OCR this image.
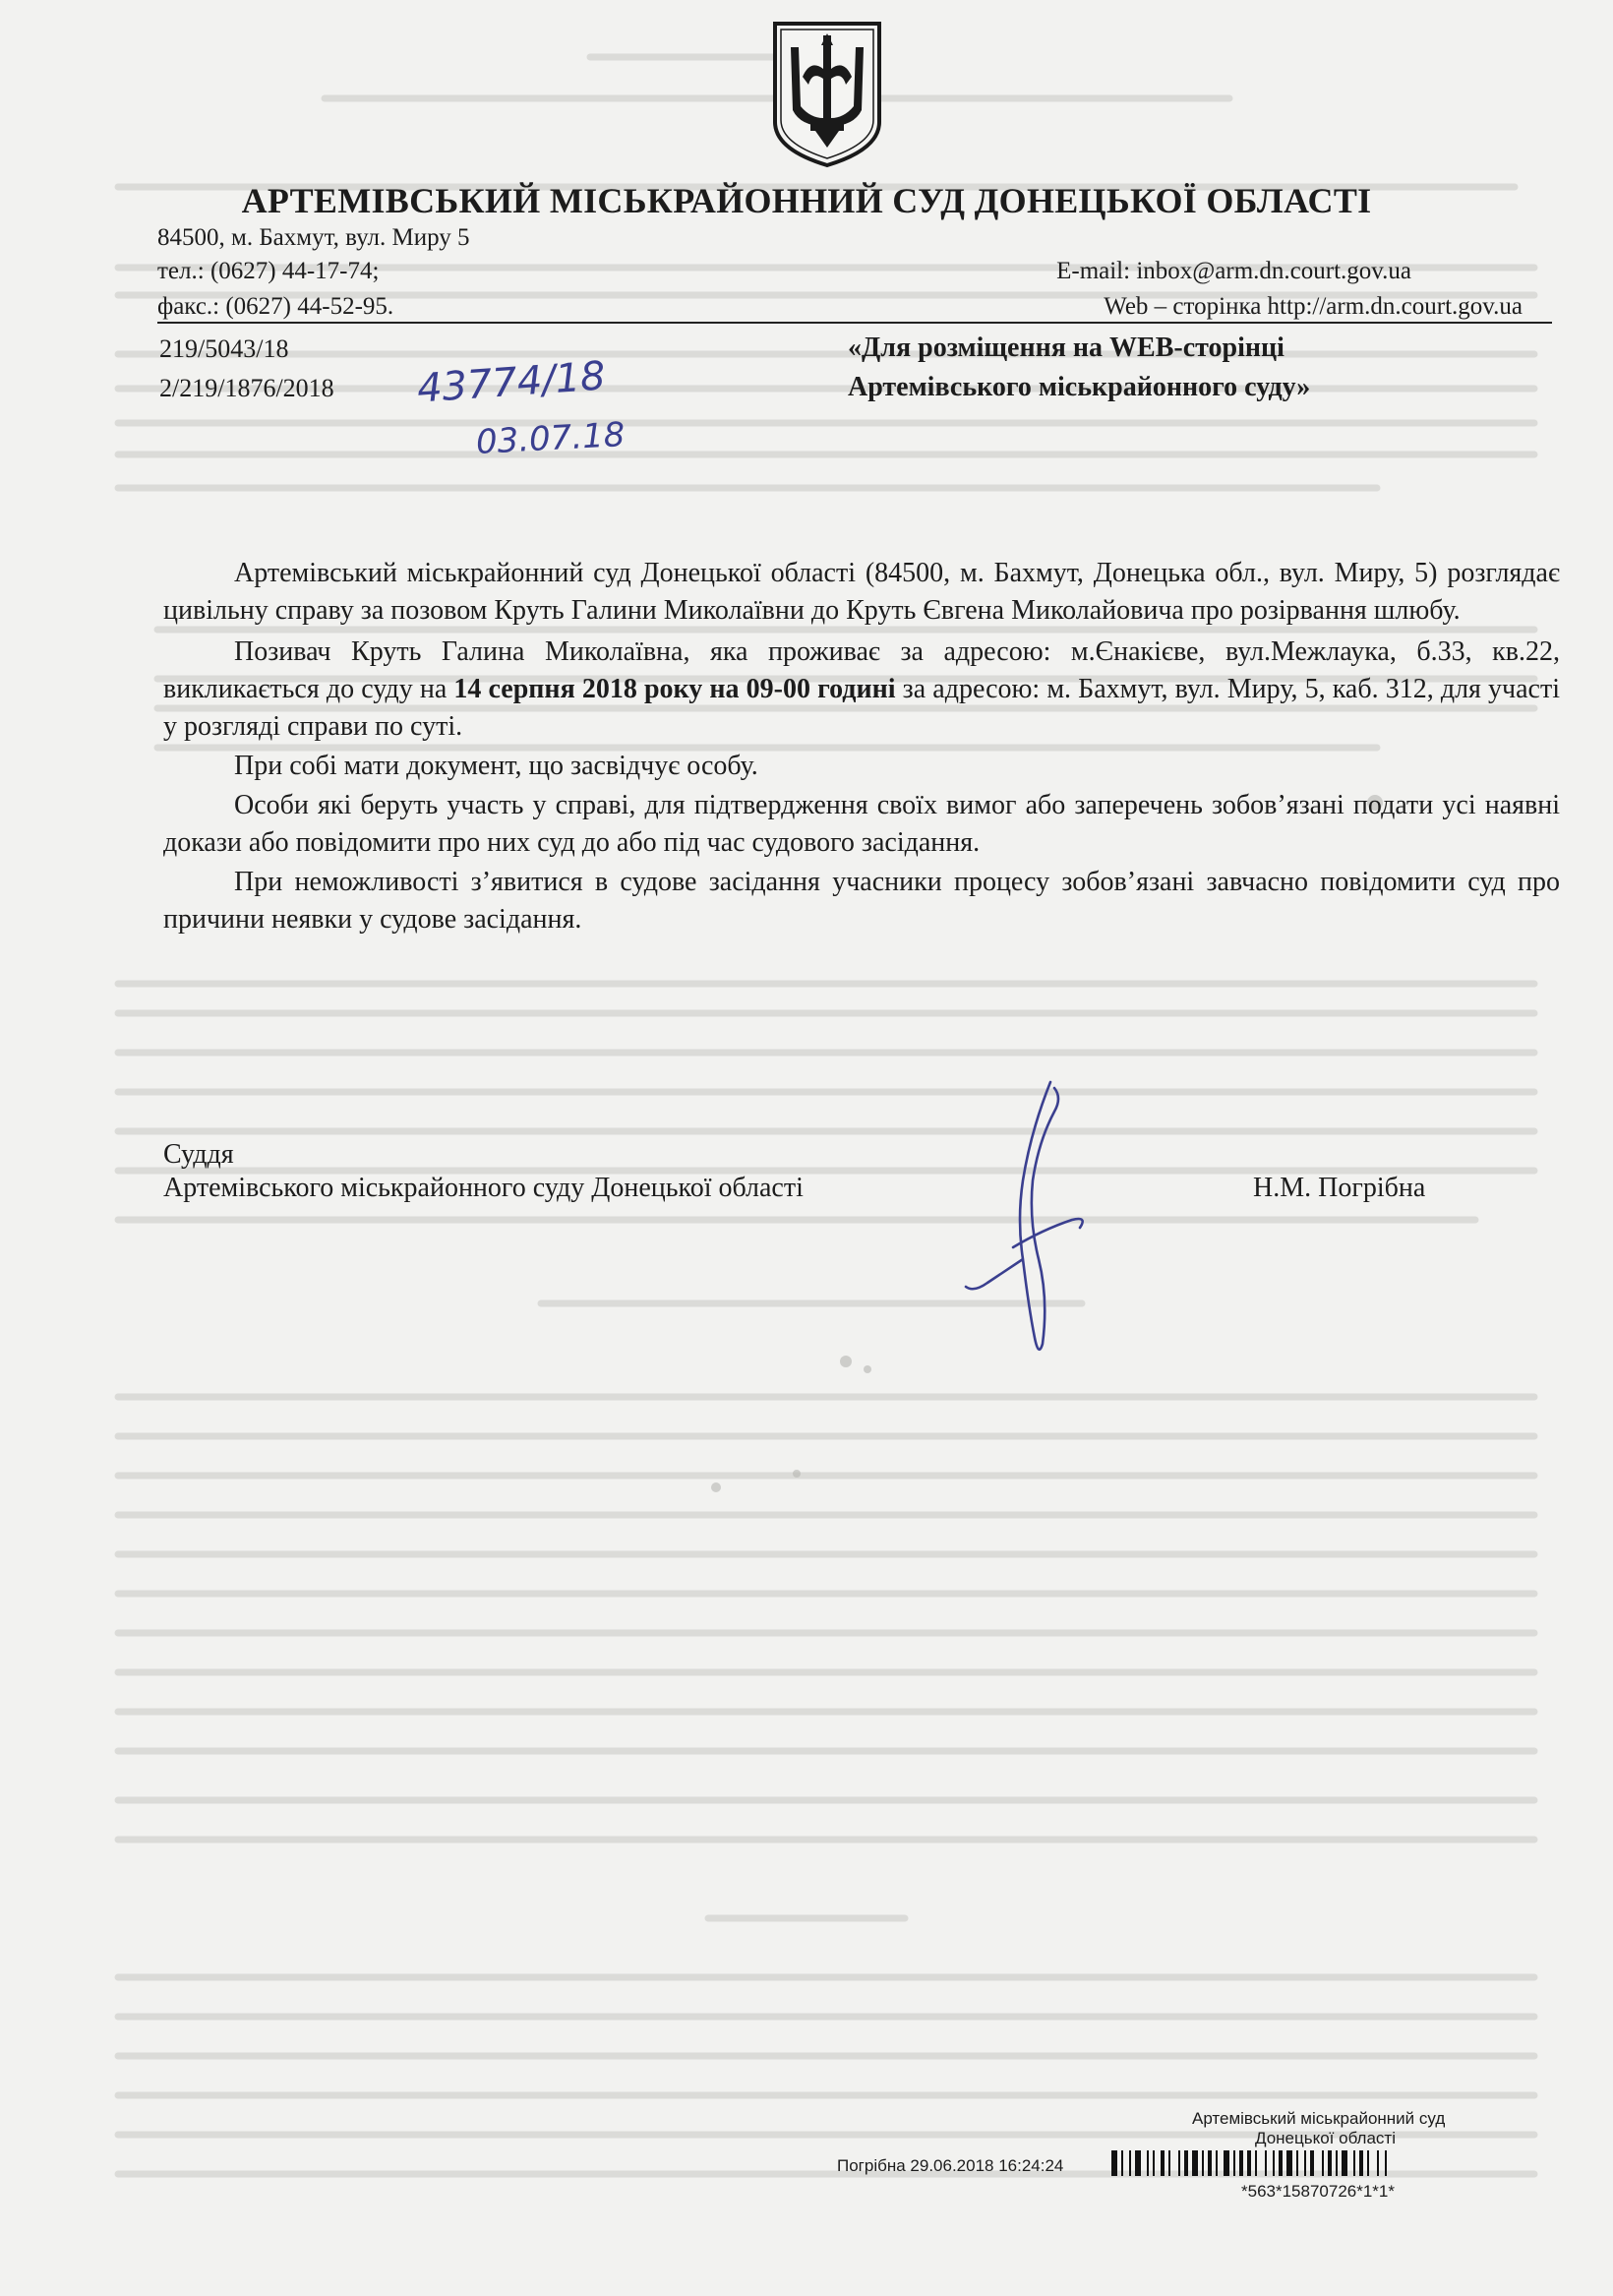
АРТЕМІВСЬКИЙ МІСЬКРАЙОННИЙ СУД ДОНЕЦЬКОЇ ОБЛАСТІ
84500, м. Бахмут, вул. Миру 5
тел.: (0627) 44-17-74;
факс.: (0627) 44-52-95.
E-mail: inbox@arm.dn.court.gov.ua
Web – сторінка http://arm.dn.court.gov.ua
219/5043/18
2/219/1876/2018 43774/18
03.07.18
«Для розміщення на WEB-сторінці
Артемівського міськрайонного суду»

Артемівський міськрайонний суд Донецької області (84500, м. Бахмут, Донецька обл., вул. Миру, 5) розглядає цивільну справу за позовом Круть Галини Миколаївни до Круть Євгена Миколайовича про розірвання шлюбу.

Позивач Круть Галина Миколаївна, яка проживає за адресою: м.Єнакієве, вул.Межлаука, б.33, кв.22, викликається до суду на 14 серпня 2018 року на 09-00 годині за адресою: м. Бахмут, вул. Миру, 5, каб. 312, для участі у розгляді справи по суті.

При собі мати документ, що засвідчує особу.

Особи які беруть участь у справі, для підтвердження своїх вимог або заперечень зобов’язані подати усі наявні докази або повідомити про них суд до або під час судового засідання.

При неможливості з’явитися в судове засідання учасники процесу зобов’язані завчасно повідомити суд про причини неявки у судове засідання.

Суддя
Артемівського міськрайонного суду Донецької області	Н.М. Погрібна
Артемівський міськрайонний суд
Донецької області
Погрібна 29.06.2018 16:24:24
*563*15870726*1*1*
